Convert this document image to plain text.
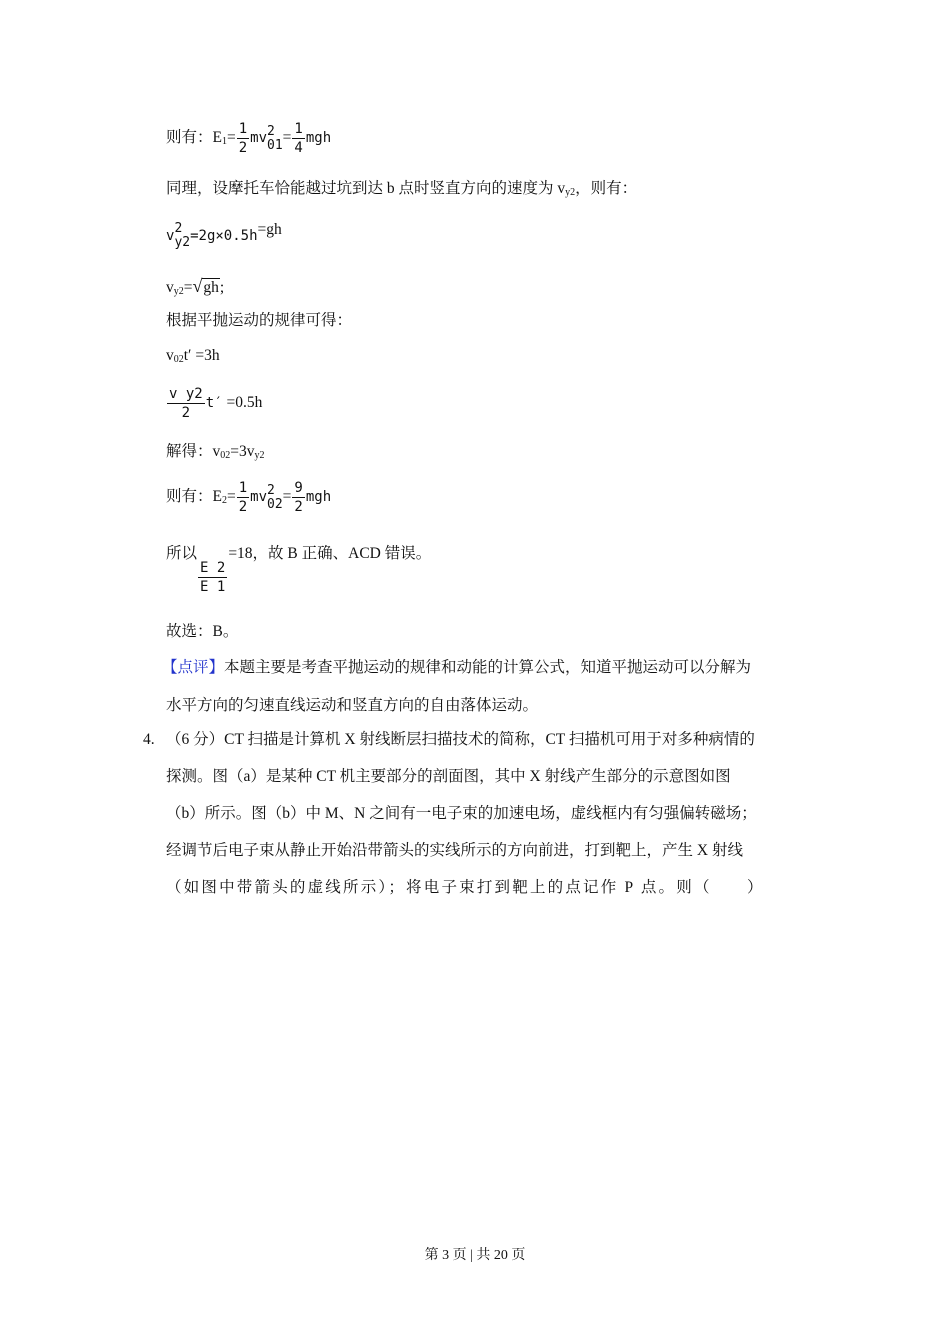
则有：$E_1= \frac{1}{2}$ mv 2
$01 = \frac{1}{4}$ mgh
同理，设摩托车恰能越过坑到达 b 点时竖直方向的速度为 $v_{y2}$，则有：
v 2
y2 =2g×0.5h=gh
$v_{y2}=√gh$;
根据平抛运动的规律可得：
$v_{02}t' =3h$
$\frac{\text{v y2}}{2} t' =0.5h$
解得：$v_{02}=3v_{y2}$
则有：$E_2= \frac{1}{2}$ mv 2
$02 = \frac{9}{2}$ mgh
所以
$\frac{E 2}{E 1}$
=18，故 B 正确、ACD 错误。
故选：B。
【点评】本题主要是考查平抛运动的规律和动能的计算公式，知道平抛运动可以分解为
水平方向的匀速直线运动和竖直方向的自由落体运动。
4. （6 分）CT 扫描是计算机 X 射线断层扫描技术的简称，CT 扫描机可用于对多种病情的
探测。图（a）是某种 CT 机主要部分的剖面图，其中 X 射线产生部分的示意图如图
（b）所示。图（b）中 M、N 之间有一电子束的加速电场，虚线框内有匀强偏转磁场；
经调节后电子束从静止开始沿带箭头的实线所示的方向前进，打到靶上，产生 X 射线
（如图中带箭头的虚线所示）；将电子束打到靶上的点记作 P 点。则（　　）
第 3 页 | 共 20 页
